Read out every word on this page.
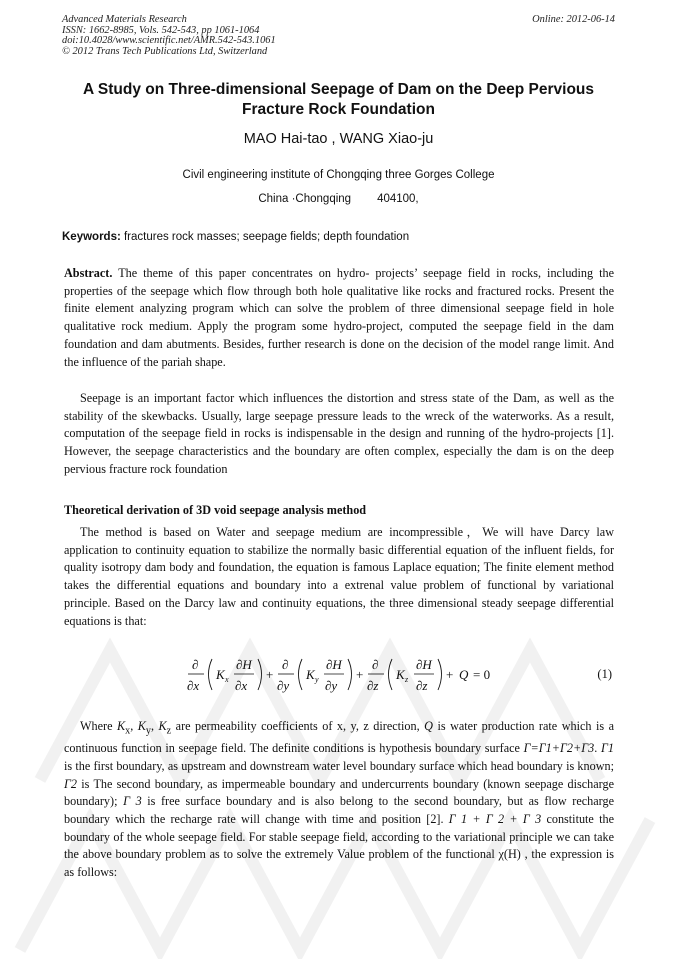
Advanced Materials Research
ISSN: 1662-8985, Vols. 542-543, pp 1061-1064
doi:10.4028/www.scientific.net/AMR.542-543.1061
© 2012 Trans Tech Publications Ltd, Switzerland
Online: 2012-06-14
A Study on Three-dimensional Seepage of Dam on the Deep Pervious
Fracture Rock Foundation
MAO Hai-tao , WANG Xiao-ju
Civil engineering institute of Chongqing three Gorges College
China ·Chongqing 404100,
Keywords: fractures rock masses; seepage fields; depth foundation
Abstract. The theme of this paper concentrates on hydro- projects’ seepage field in rocks, including the properties of the seepage which flow through both hole qualitative like rocks and fractured rocks. Present the finite element analyzing program which can solve the problem of three dimensional seepage field in hole qualitative rock medium. Apply the program some hydro-project, computed the seepage field in the dam foundation and dam abutments. Besides, further research is done on the decision of the model range limit. And the influence of the pariah shape.
Seepage is an important factor which influences the distortion and stress state of the Dam, as well as the stability of the skewbacks. Usually, large seepage pressure leads to the wreck of the waterworks. As a result, computation of the seepage field in rocks is indispensable in the design and running of the hydro-projects [1]. However, the seepage characteristics and the boundary are often complex, especially the dam is on the deep pervious fracture rock foundation
Theoretical derivation of 3D void seepage analysis method
The method is based on Water and seepage medium are incompressible，We will have Darcy law application to continuity equation to stabilize the normally basic differential equation of the influent fields, for quality isotropy dam body and foundation, the equation is famous Laplace equation; The finite element method takes the differential equations and boundary into a extrenal value problem of functional by variational principle. Based on the Darcy law and continuity equations, the three dimensional steady seepage differential equations is that:
∂
∂x
K x
∂H
∂x
+
∂
∂y
K y
∂H
∂y
+
∂
∂z
K z
∂H
∂z
+ Q = 0	(1)
Where $K_x$, $K_y$, $K_z$ are permeability coefficients of x, y, z direction, Q is water production rate which is a continuous function in seepage field. The definite conditions is hypothesis boundary surface Γ=Γ1+Γ2+Γ3. Γ1 is the first boundary, as upstream and downstream water level boundary surface which head boundary is known; Γ2 is The second boundary, as impermeable boundary and undercurrents boundary (known seepage discharge boundary); Γ 3 is free surface boundary and is also belong to the second boundary, but as flow recharge boundary which the recharge rate will change with time and position [2]. Γ 1 + Γ 2 + Γ 3 constitute the boundary of the whole seepage field. For stable seepage field, according to the variational principle we can take the above boundary problem as to solve the extremely Value problem of the functional χ(H) , the expression is as follows:
